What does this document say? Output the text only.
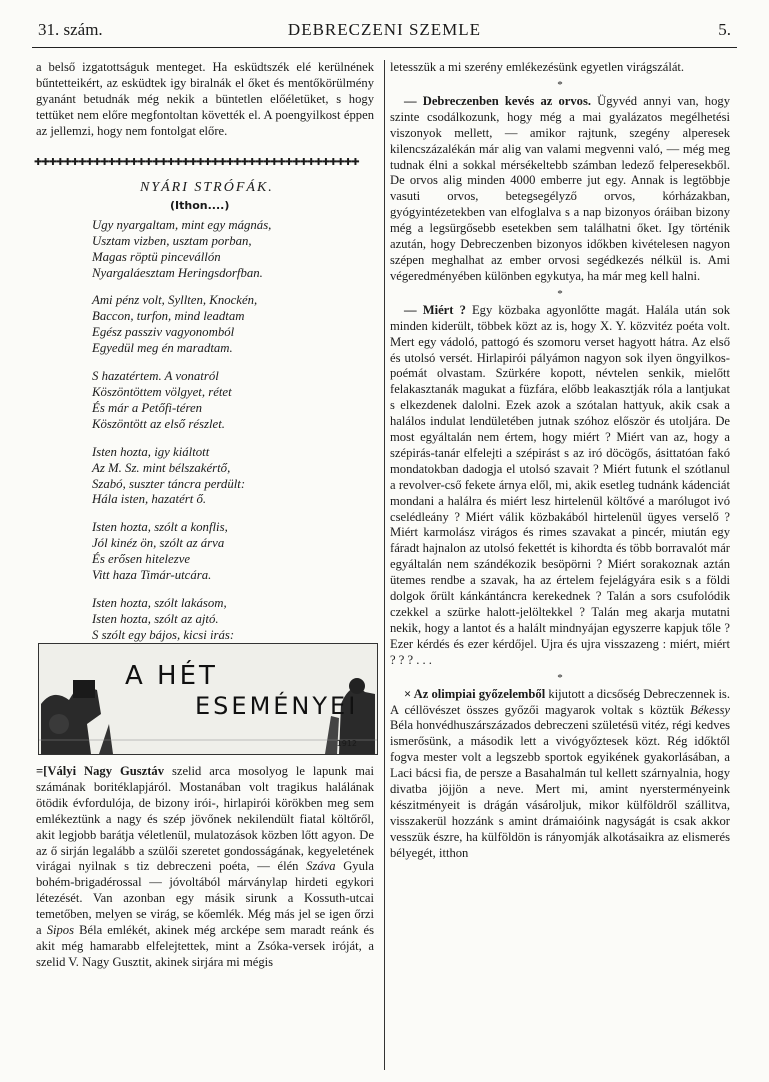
31. szám.	DEBRECZENI SZEMLE	5.

a belső izgatottságuk menteget. Ha esküdtszék elé kerülnének bűntetteikért, az esküdtek igy biralnák el őket és mentőkörülmény gyanánt betudnák még nekik a büntetlen előéletüket, s hogy tettüket nem előre megfontoltan követték el. A poengyilkost éppen az jellemzi, hogy nem fontolgat előre.

✚✚✚✚✚✚✚✚✚✚✚✚✚✚✚✚✚✚✚✚✚✚✚✚✚✚✚✚✚✚✚✚✚✚✚✚✚✚✚✚✚✚✚✚
NYÁRI STRÓFÁK.
(Ithon....)
Ugy nyargaltam, mint egy mágnás,
Usztam vizben, usztam porban,
Magas röptü pincevállón
Nyargaláesztam Heringsdorfban.
Ami pénz volt, Syllten, Knockén,
Baccon, turfon, mind leadtam
Egész passziv vagyonomból
Egyedül meg én maradtam.
S hazatértem. A vonatról
Köszöntöttem völgyet, rétet
És már a Petőfi-téren
Köszöntött az első részlet.
Isten hozta, igy kiáltott
Az M. Sz. mint bélszakértő,
Szabó, suszter táncra perdült:
Hála isten, hazatért ő.
Isten hozta, szólt a konflis,
Jól kinéz ön, szólt az árva
És erősen hitelezve
Vitt haza Timár-utcára.
Isten hozta, szólt lakásom,
Isten hozta, szólt az ajtó.
S szólt egy bájos, kicsi irás:
A HÉT
ESEMÉNYEI
1912

=[Vályi Nagy Gusztáv szelid arca mosolyog le lapunk mai számának boritéklapjáról. Mostanában volt tragikus halálának ötödik évfordulója, de bizony irói-, hirlapirói körökben meg sem emlékeztünk a nagy és szép jövőnek nekilendült fiatal költőről, akit legjobb barátja véletlenül, mulatozások közben lőtt agyon. De az ő sirján legalább a szülői szeretet gondosságának, kegyeletének virágai nyilnak s tiz debreczeni poéta, — élén Száva Gyula bohém-brigadérossal — jóvoltából márványlap hirdeti egykori létezését. Van azonban egy másik sirunk a Kossuth-utcai temetőben, melyen se virág, se kőemlék. Még más jel se igen őrzi a Sipos Béla emlékét, akinek még arcképe sem maradt reánk és akit még hamarabb elfelejtettek, mint a Zsóka-versek iróját, a szelid V. Nagy Gusztit, akinek sirjára mi mégis

letesszük a mi szerény emlékezésünk egyetlen virágszálát.

*

— Debreczenben kevés az orvos. Ügyvéd annyi van, hogy szinte csodálkozunk, hogy még a mai gyalázatos megélhetési viszonyok mellett, — amikor rajtunk, szegény alperesek kilencszázalékán már alig van valami megvenni való, — még meg tudnak élni a sokkal mérsékeltebb számban ledező felperesekből. De orvos alig minden 4000 emberre jut egy. Annak is legtöbbje vasuti orvos, betegsegélyző orvos, kórházakban, gyógyintézetekben van elfoglalva s a nap bizonyos óráiban bizony még a legsürgősebb esetekben sem találhatni őket. Igy történik azután, hogy Debreczenben bizonyos időkben kivételesen nagyon szépen meghalhat az ember orvosi segédkezés nélkül is. Ami végeredményében különben egykutya, ha már meg kell halni.

*

— Miért ? Egy közbaka agyonlőtte magát. Halála után sok minden kiderült, többek közt az is, hogy X. Y. közvitéz poéta volt. Mert egy vádoló, pattogó és szomoru verset hagyott hátra. Az első és utolsó versét. Hirlapirói pályámon nagyon sok ilyen öngyilkos-poémát olvastam. Szürkére kopott, névtelen senkik, mielőtt felakasztanák magukat a füzfára, előbb leakasztják róla a lantjukat s elkezdenek dalolni. Ezek azok a szótalan hattyuk, akik csak a halálos indulat lendületében jutnak szóhoz először és utoljára. De most egyáltalán nem értem, hogy miért ? Miért van az, hogy a szépirás-tanár elfelejti a szépirást s az iró döcögős, ásittatóan fakó mondatokban dadogja el utolsó szavait ? Miért futunk el szótlanul a revolver-cső fekete árnya elől, mi, akik esetleg tudnánk kádenciát mondani a halálra és miért lesz hirtelenül költővé a marólugot ivó cselédleány ? Miért válik közbakából hirtelenül ügyes verselő ? Miért karmolász virágos és rimes szavakat a pincér, miután egy fáradt hajnalon az utolsó fekettét is kihordta és több borravalót már egyáltalán nem szándékozik besöpörni ? Miért sorakoznak aztán ütemes rendbe a szavak, ha az értelem fejelágyára esik s a földi dolgok őrült kánkántáncra kerekednek ? Talán a sors csufolódik czekkel a szürke halott-jelöltekkel ? Talán meg akarja mutatni nekik, hogy a lantot és a halált mindnyájan egyszerre kapjuk tőle ? Ezer kérdés és ezer kérdőjel. Ujra és ujra visszazeng : miért, miért ? ? ? . . .

*

× Az olimpiai győzelemből kijutott a dicsőség Debreczennek is. A céllövészet összes győzői magyarok voltak s köztük Békessy Béla honvédhuszárszázados debreczeni születésü vitéz, régi kedves ismerősünk, a második lett a vivógyőztesek közt. Rég időktől fogva mester volt a legszebb sportok egyikének gyakorlásában, a Laci bácsi fia, de persze a Basahalmán tul kellett szárnyalnia, hogy divatba jöjjön a neve. Mert mi, amint nyersterményeink készitményeit is drágán vásároljuk, mikor külföldről szállitva, visszakerül hozzánk s amint drámaióink nagyságát is csak akkor vesszük észre, ha külföldön is rányomják alkotásaikra az elismerés bélyegét, itthon
